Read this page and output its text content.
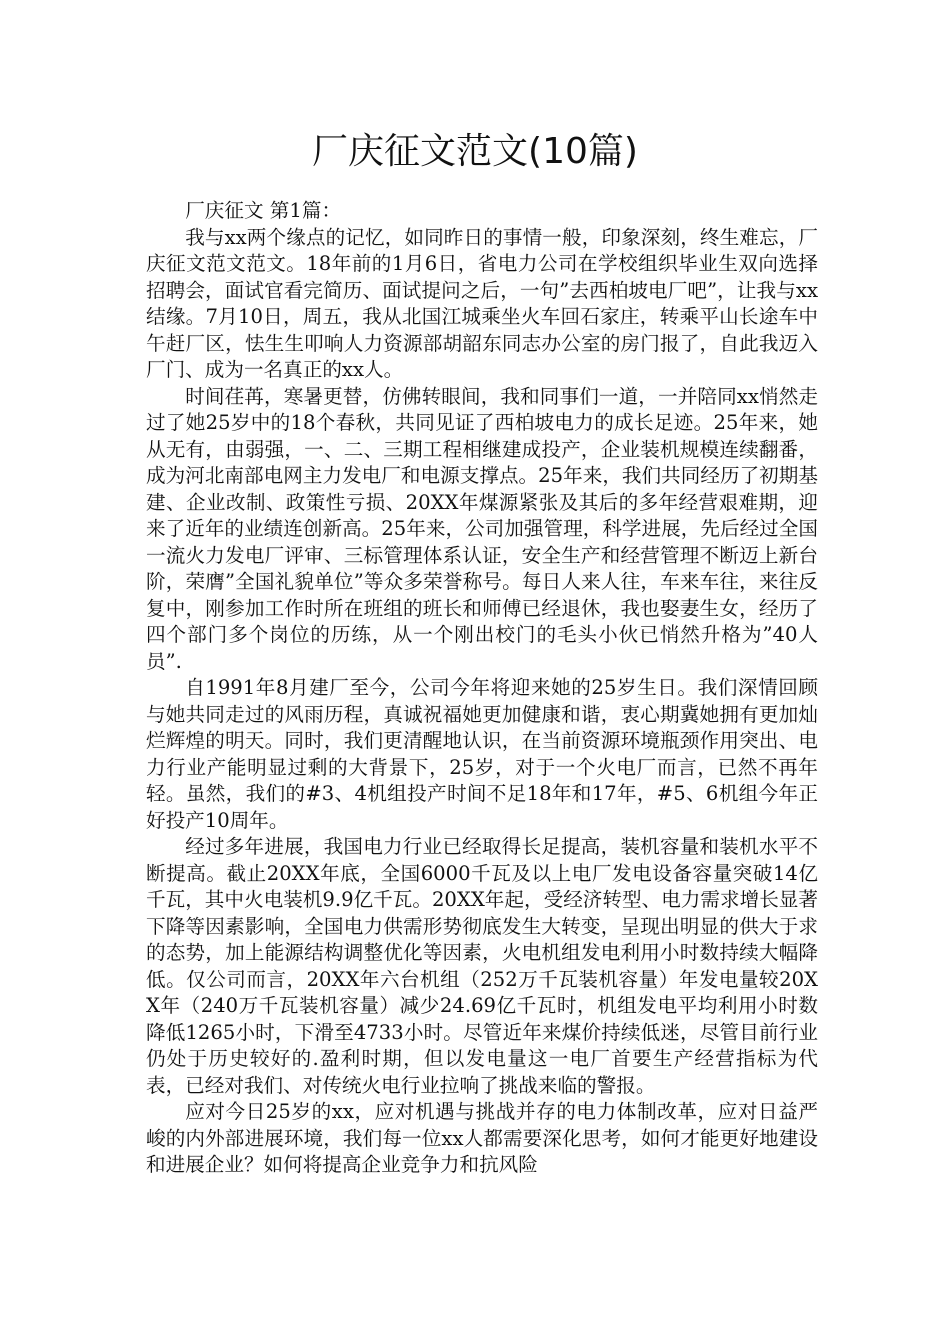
厂庆征文范文(10篇)

厂庆征文 第1篇：

我与xx两个缘点的记忆，如同昨日的事情一般，印象深刻，终生难忘，厂庆征文范文范文。18年前的1月6日，省电力公司在学校组织毕业生双向选择招聘会，面试官看完简历、面试提问之后，一句”去西柏坡电厂吧”，让我与xx结缘。7月10日，周五，我从北国江城乘坐火车回石家庄，转乘平山长途车中午赶厂区，怯生生叩响人力资源部胡韶东同志办公室的房门报了，自此我迈入厂门、成为一名真正的xx人。

时间荏苒，寒暑更替，仿佛转眼间，我和同事们一道，一并陪同xx悄然走过了她25岁中的18个春秋，共同见证了西柏坡电力的成长足迹。25年来，她从无有，由弱强，一、二、三期工程相继建成投产，企业装机规模连续翻番，成为河北南部电网主力发电厂和电源支撑点。25年来，我们共同经历了初期基建、企业改制、政策性亏损、20XX年煤源紧张及其后的多年经营艰难期，迎来了近年的业绩连创新高。25年来，公司加强管理，科学进展，先后经过全国一流火力发电厂评审、三标管理体系认证，安全生产和经营管理不断迈上新台阶，荣膺”全国礼貌单位”等众多荣誉称号。每日人来人往，车来车往，来往反复中，刚参加工作时所在班组的班长和师傅已经退休，我也娶妻生女，经历了四个部门多个岗位的历练，从一个刚出校门的毛头小伙已悄然升格为”40人员”.

自1991年8月建厂至今，公司今年将迎来她的25岁生日。我们深情回顾与她共同走过的风雨历程，真诚祝福她更加健康和谐，衷心期冀她拥有更加灿烂辉煌的明天。同时，我们更清醒地认识，在当前资源环境瓶颈作用突出、电力行业产能明显过剩的大背景下，25岁，对于一个火电厂而言，已然不再年轻。虽然，我们的#3、4机组投产时间不足18年和17年，#5、6机组今年正好投产10周年。

经过多年进展，我国电力行业已经取得长足提高，装机容量和装机水平不断提高。截止20XX年底，全国6000千瓦及以上电厂发电设备容量突破14亿千瓦，其中火电装机9.9亿千瓦。20XX年起，受经济转型、电力需求增长显著下降等因素影响，全国电力供需形势彻底发生大转变，呈现出明显的供大于求的态势，加上能源结构调整优化等因素，火电机组发电利用小时数持续大幅降低。仅公司而言，20XX年六台机组（252万千瓦装机容量）年发电量较20XX年（240万千瓦装机容量）减少24.69亿千瓦时，机组发电平均利用小时数降低1265小时，下滑至4733小时。尽管近年来煤价持续低迷，尽管目前行业仍处于历史较好的.盈利时期，但以发电量这一电厂首要生产经营指标为代表，已经对我们、对传统火电行业拉响了挑战来临的警报。

应对今日25岁的xx，应对机遇与挑战并存的电力体制改革，应对日益严峻的内外部进展环境，我们每一位xx人都需要深化思考，如何才能更好地建设和进展企业？如何将提高企业竞争力和抗风险
